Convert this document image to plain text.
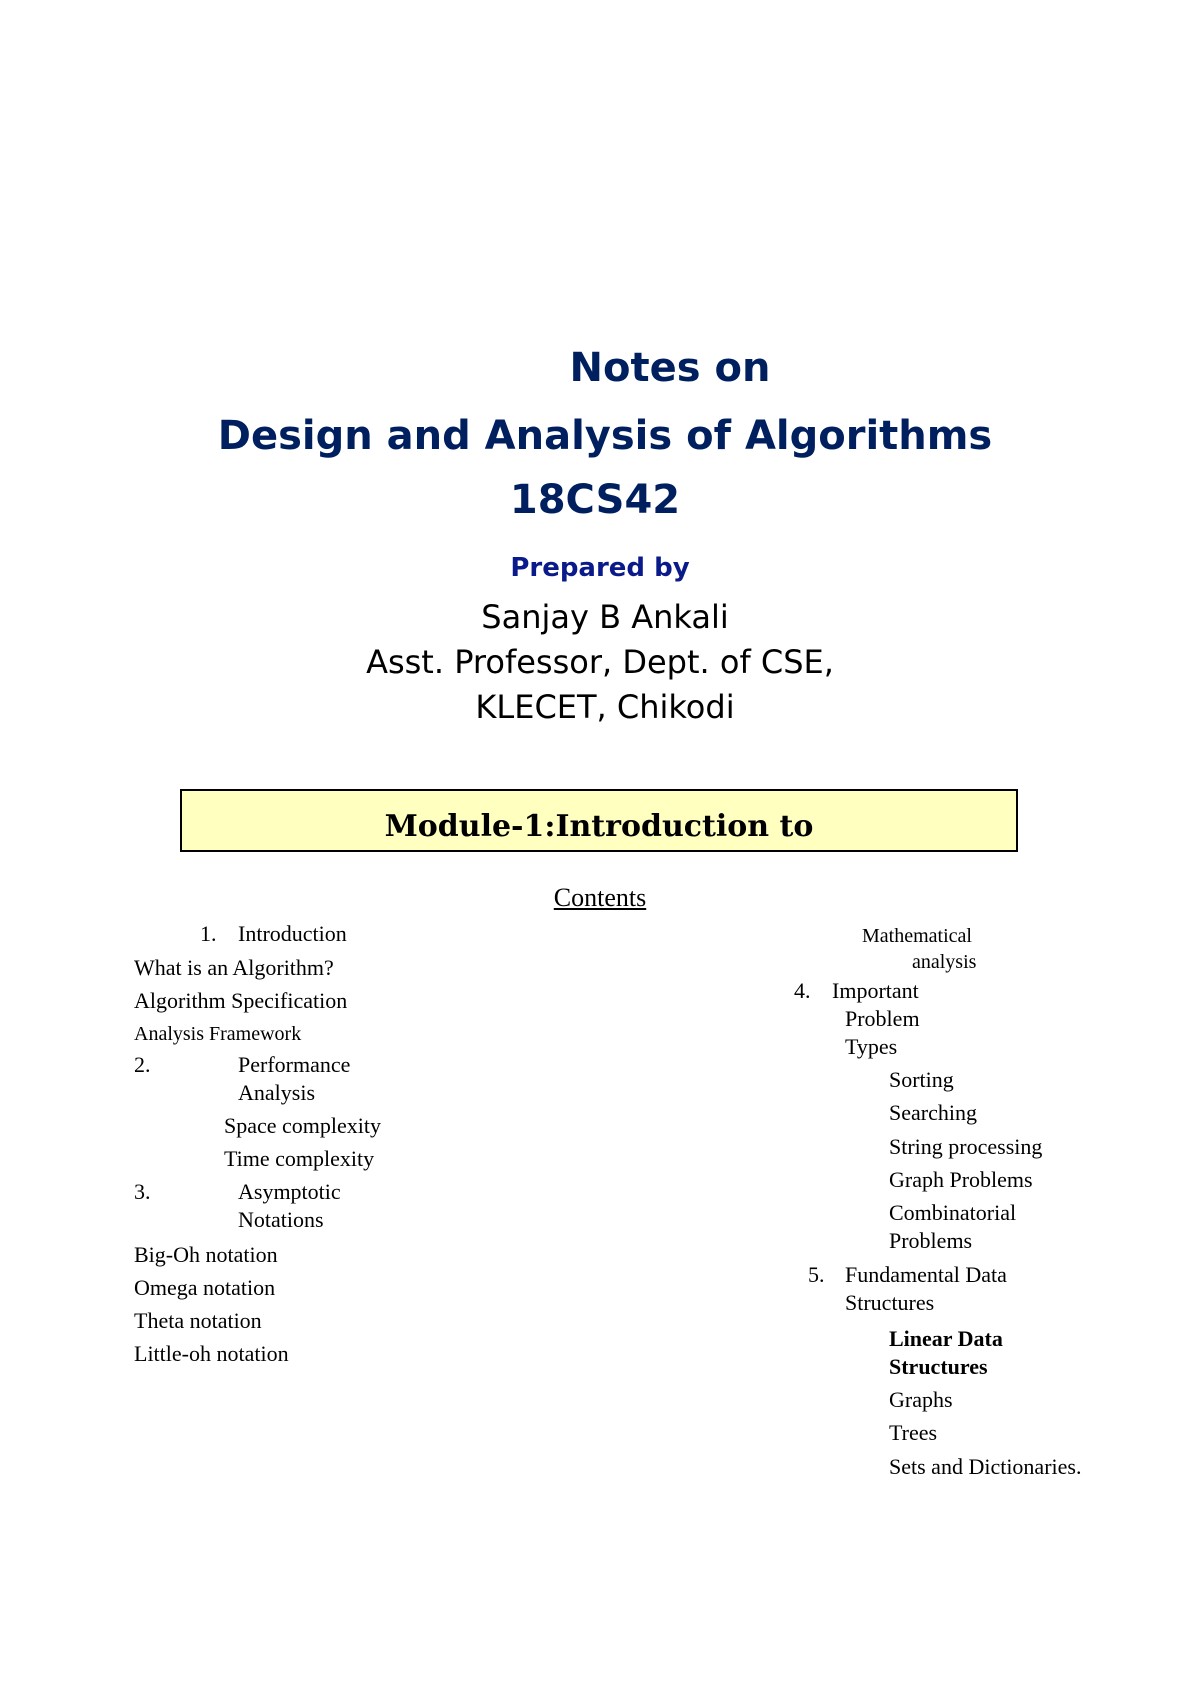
Notes on
Design and Analysis of Algorithms
18CS42
Prepared by
Sanjay B Ankali
Asst. Professor, Dept. of CSE,
KLECET, Chikodi
Module-1:Introduction to
Contents
1. Introduction
What is an Algorithm?
Algorithm Specification
Analysis Framework
2.	Performance
Analysis
Space complexity
Time complexity
3.	Asymptotic
Notations
Big-Oh notation
Omega notation
Theta notation
Little-oh notation
Mathematical
analysis
4. Important
Problem
Types
Sorting
Searching
String processing
Graph Problems
Combinatorial
Problems
5. Fundamental Data
Structures
Linear Data
Structures
Graphs
Trees
Sets and Dictionaries.
